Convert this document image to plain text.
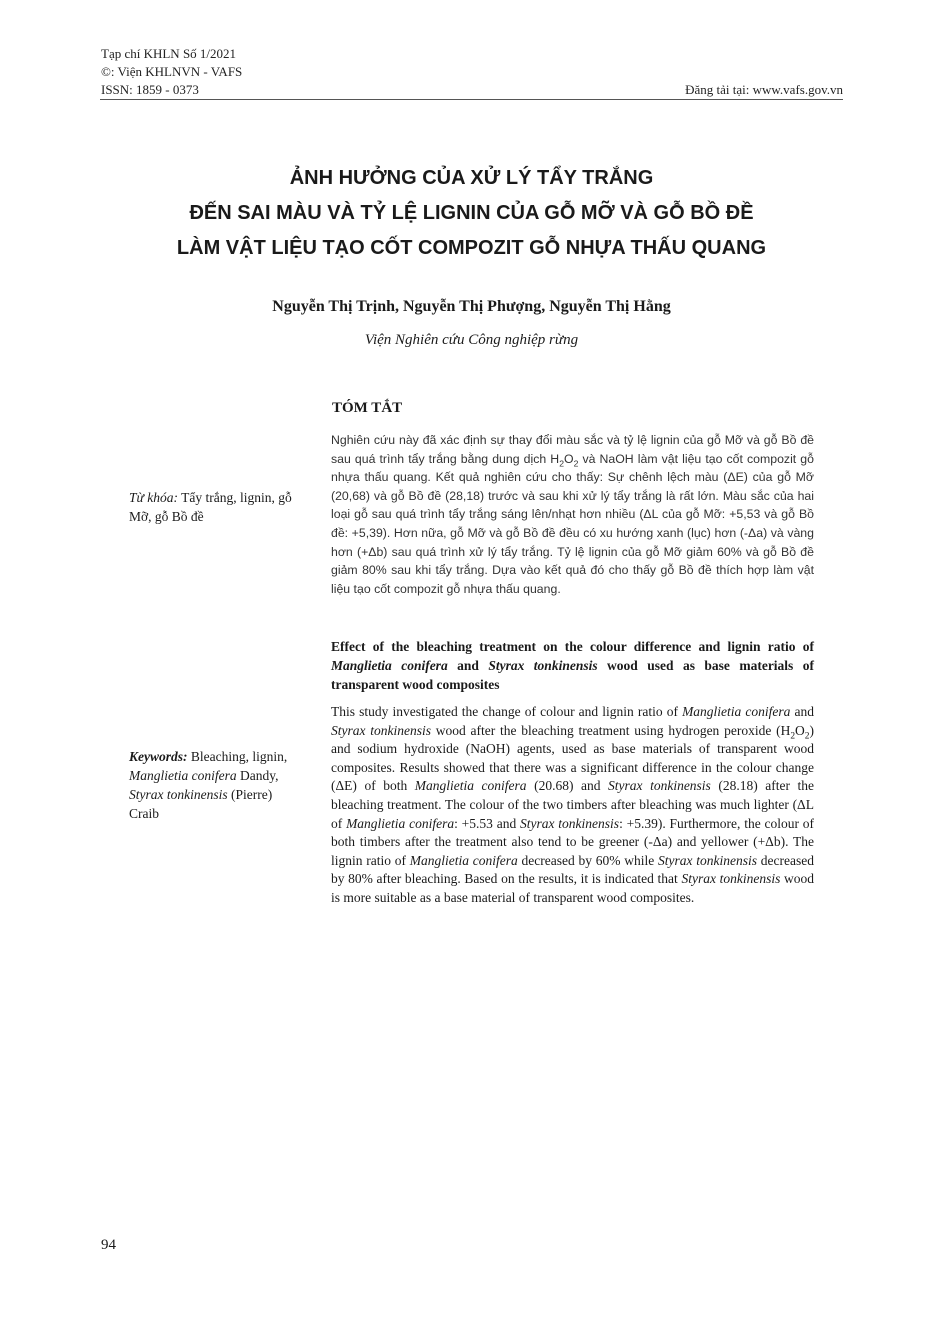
Tạp chí KHLN Số 1/2021
©: Viện KHLNVN - VAFS
ISSN: 1859 - 0373	Đăng tải tại: www.vafs.gov.vn
ẢNH HƯỞNG CỦA XỬ LÝ TẨY TRẮNG
ĐẾN SAI MÀU VÀ TỶ LỆ LIGNIN CỦA GỖ MỠ VÀ GỖ BỒ ĐỀ
LÀM VẬT LIỆU TẠO CỐT COMPOZIT GỖ NHỰA THẤU QUANG
Nguyễn Thị Trịnh, Nguyễn Thị Phượng, Nguyễn Thị Hằng
Viện Nghiên cứu Công nghiệp rừng
TÓM TẮT
Nghiên cứu này đã xác định sự thay đổi màu sắc và tỷ lệ lignin của gỗ Mỡ và gỗ Bồ đề sau quá trình tẩy trắng bằng dung dịch $H_2O_2$ và NaOH làm vật liệu tạo cốt compozit gỗ nhựa thấu quang. Kết quả nghiên cứu cho thấy: Sự chênh lệch màu (ΔE) của gỗ Mỡ (20,68) và gỗ Bồ đề (28,18) trước và sau khi xử lý tẩy trắng là rất lớn. Màu sắc của hai loại gỗ sau quá trình tẩy trắng sáng lên/nhạt hơn nhiều (ΔL của gỗ Mỡ: +5,53 và gỗ Bồ đề: +5,39). Hơn nữa, gỗ Mỡ và gỗ Bồ đề đều có xu hướng xanh (lục) hơn (-Δa) và vàng hơn (+Δb) sau quá trình xử lý tẩy trắng. Tỷ lệ lignin của gỗ Mỡ giảm 60% và gỗ Bồ đề giảm 80% sau khi tẩy trắng. Dựa vào kết quả đó cho thấy gỗ Bồ đề thích hợp làm vật liệu tạo cốt compozit gỗ nhựa thấu quang.
Từ khóa: Tẩy trắng, lignin, gỗ Mỡ, gỗ Bồ đề
Effect of the bleaching treatment on the colour difference and lignin ratio of Manglietia conifera and Styrax tonkinensis wood used as base materials of transparent wood composites
This study investigated the change of colour and lignin ratio of Manglietia conifera and Styrax tonkinensis wood after the bleaching treatment using hydrogen peroxide $(H_2O_2)$ and sodium hydroxide (NaOH) agents, used as base materials of transparent wood composites. Results showed that there was a significant difference in the colour change (ΔE) of both Manglietia conifera (20.68) and Styrax tonkinensis (28.18) after the bleaching treatment. The colour of the two timbers after bleaching was much lighter (ΔL of Manglietia conifera: +5.53 and Styrax tonkinensis: +5.39). Furthermore, the colour of both timbers after the treatment also tend to be greener (-Δa) and yellower (+Δb). The lignin ratio of Manglietia conifera decreased by 60% while Styrax tonkinensis decreased by 80% after bleaching. Based on the results, it is indicated that Styrax tonkinensis wood is more suitable as a base material of transparent wood composites.
Keywords: Bleaching, lignin, Manglietia conifera Dandy, Styrax tonkinensis (Pierre) Craib
94
